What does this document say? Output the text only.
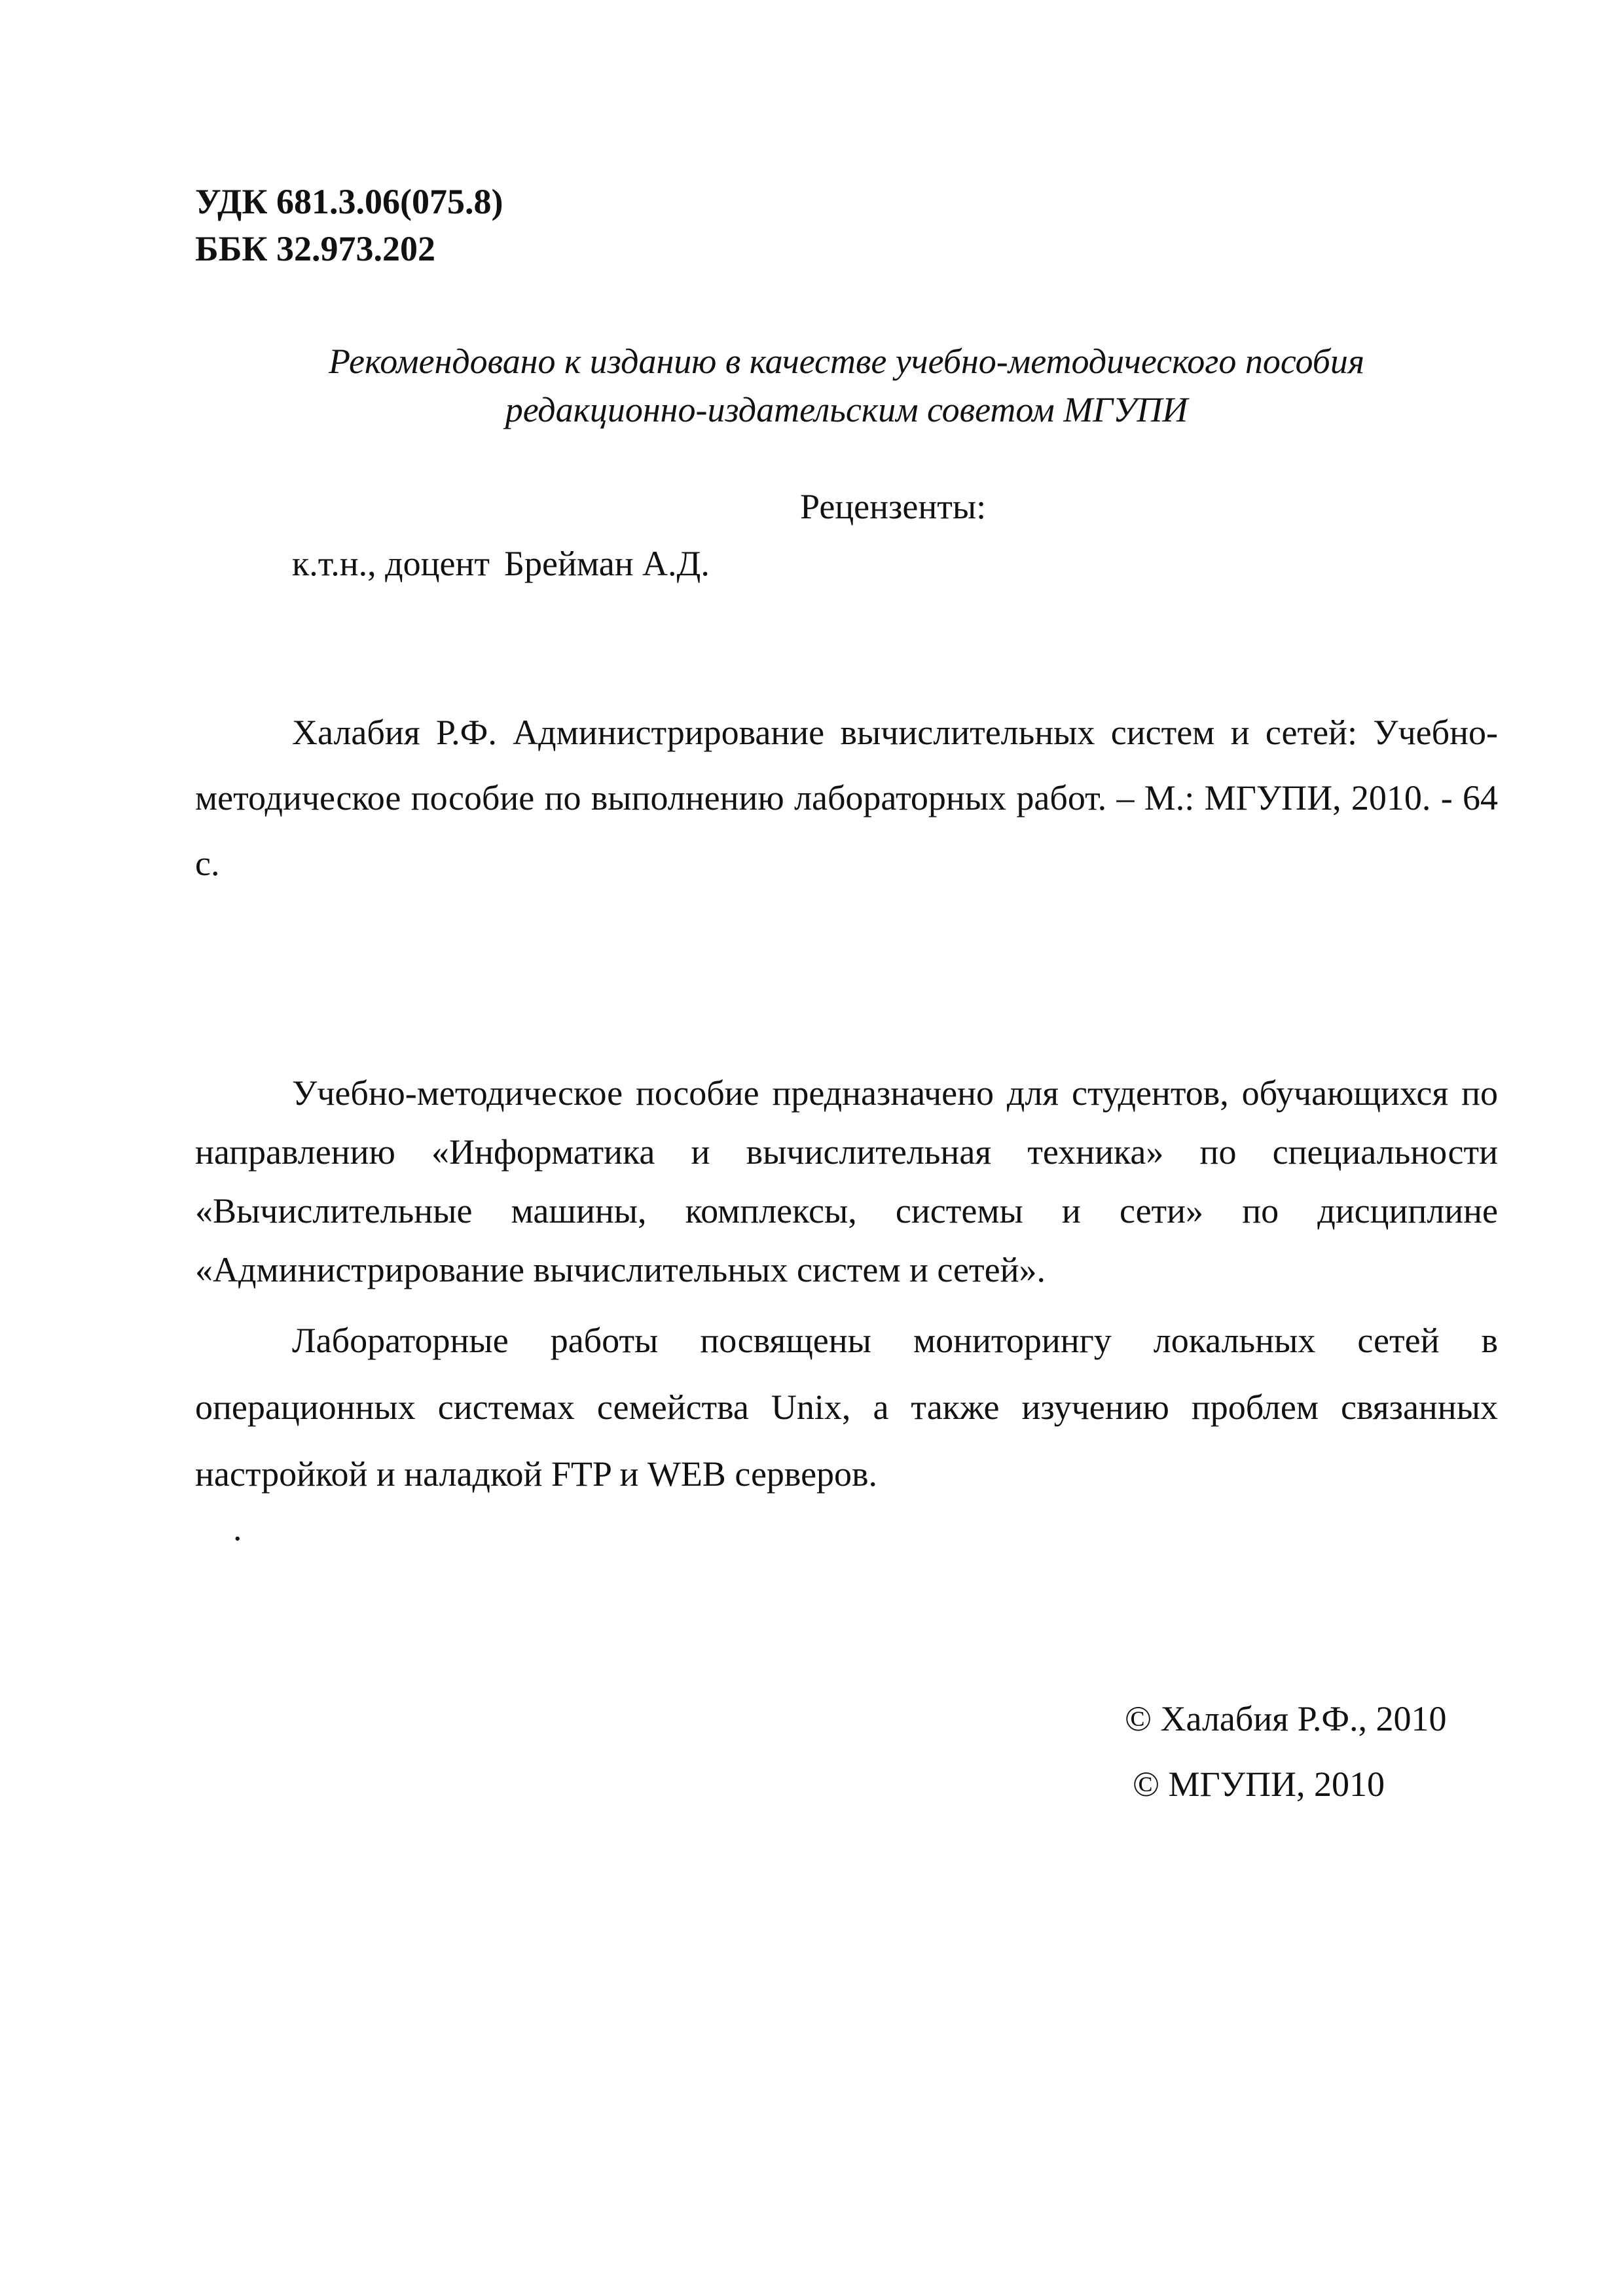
УДК 681.3.06(075.8)
ББК 32.973.202
Рекомендовано к изданию в качестве учебно-методического пособия
редакционно-издательским советом МГУПИ
Рецензенты:
к.т.н., доцент Брейман А.Д.

Халабия Р.Ф. Администрирование вычислительных систем и сетей: Учебно-методическое пособие по выполнению лабораторных работ. – М.: МГУПИ, 2010. - 64 с.

Учебно-методическое пособие предназначено для студентов, обучающихся по направлению «Информатика и вычислительная техника» по специальности «Вычислительные машины, комплексы, системы и сети» по дисциплине «Администрирование вычислительных систем и сетей».

Лабораторные работы посвящены мониторингу локальных сетей в операционных системах семейства Unix, а также изучению проблем связанных настройкой и наладкой FTP и WEB серверов.

.
© Халабия Р.Ф., 2010
© МГУПИ, 2010
